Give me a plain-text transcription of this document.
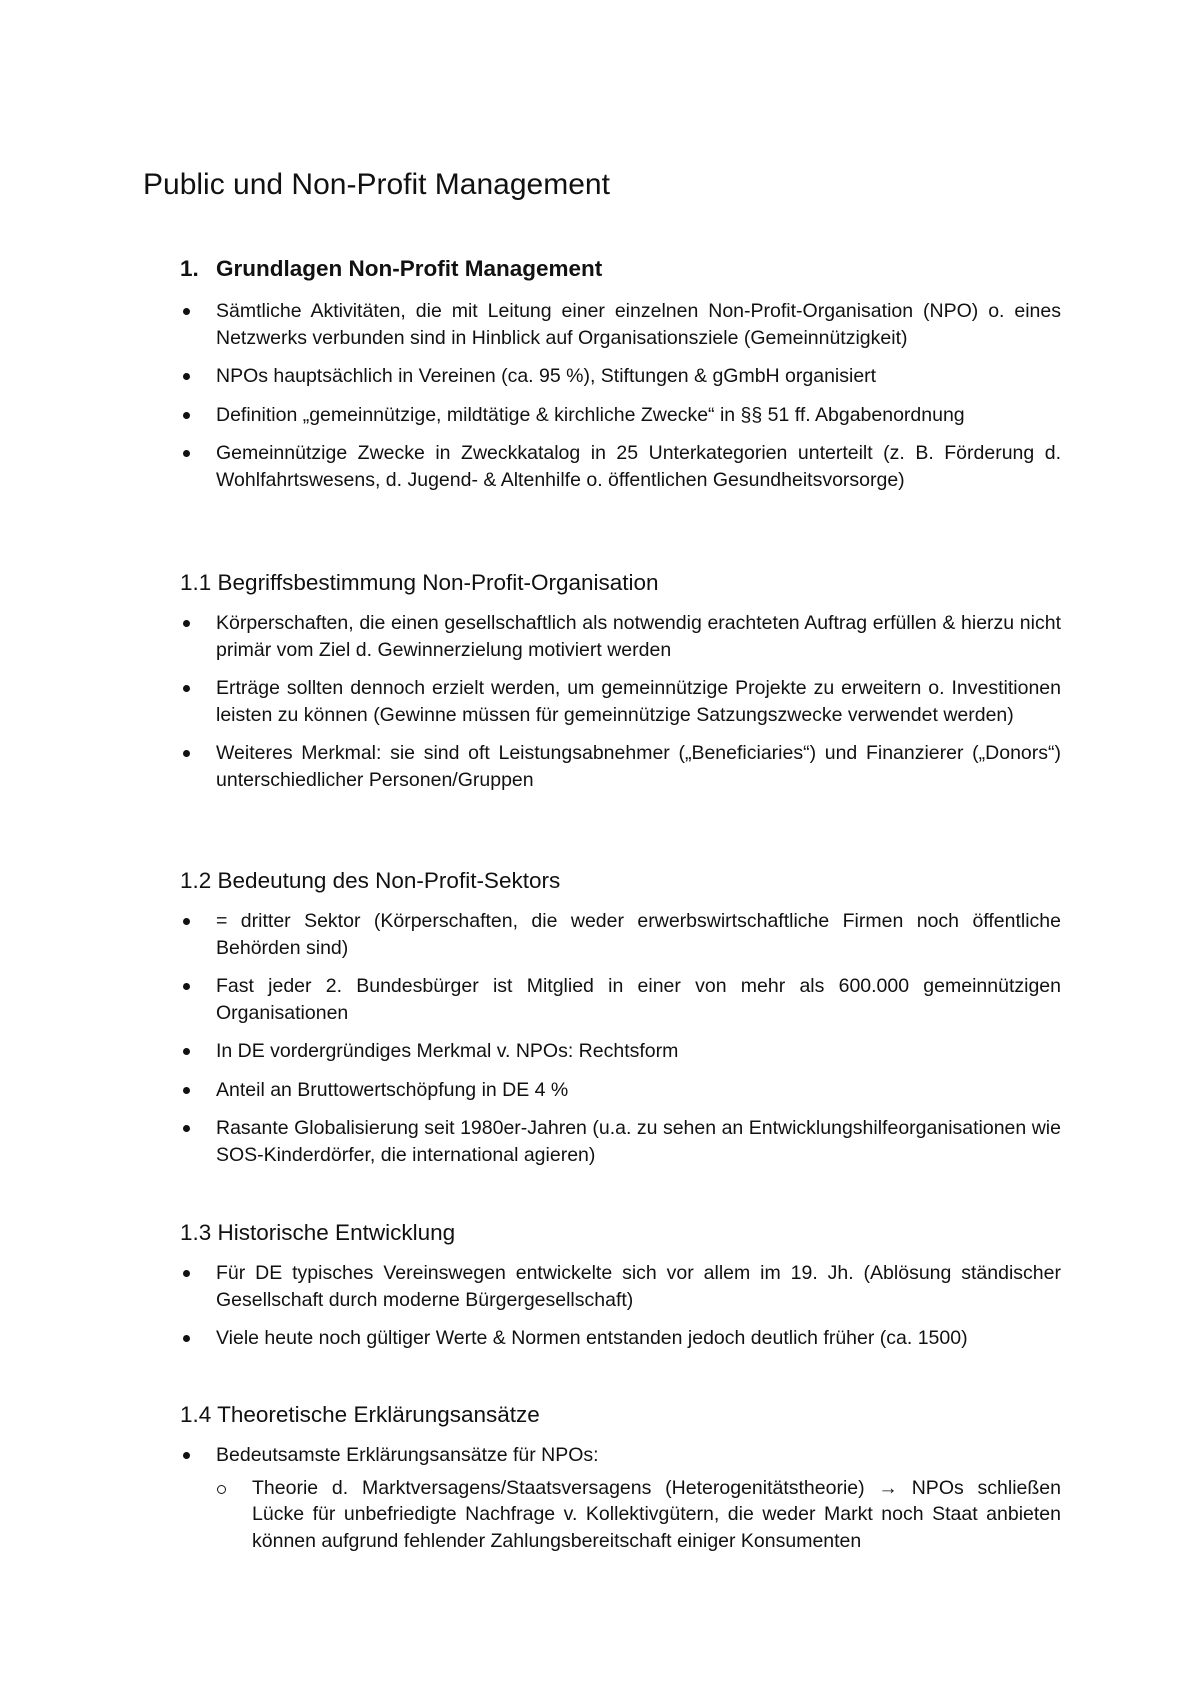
Public und Non-Profit Management
1. Grundlagen Non-Profit Management
Sämtliche Aktivitäten, die mit Leitung einer einzelnen Non-Profit-Organisation (NPO) o. eines Netzwerks verbunden sind in Hinblick auf Organisationsziele (Gemeinnützigkeit)
NPOs hauptsächlich in Vereinen (ca. 95 %), Stiftungen & gGmbH organisiert
Definition „gemeinnützige, mildtätige & kirchliche Zwecke“ in §§ 51 ff. Abgabenordnung
Gemeinnützige Zwecke in Zweckkatalog in 25 Unterkategorien unterteilt (z. B. Förderung d. Wohlfahrtswesens, d. Jugend- & Altenhilfe o. öffentlichen Gesundheitsvorsorge)
1.1 Begriffsbestimmung Non-Profit-Organisation
Körperschaften, die einen gesellschaftlich als notwendig erachteten Auftrag erfüllen & hierzu nicht primär vom Ziel d. Gewinnerzielung motiviert werden
Erträge sollten dennoch erzielt werden, um gemeinnützige Projekte zu erweitern o. Investitionen leisten zu können (Gewinne müssen für gemeinnützige Satzungszwecke verwendet werden)
Weiteres Merkmal: sie sind oft Leistungsabnehmer („Beneficiaries“) und Finanzierer („Donors“) unterschiedlicher Personen/Gruppen
1.2 Bedeutung des Non-Profit-Sektors
= dritter Sektor (Körperschaften, die weder erwerbswirtschaftliche Firmen noch öffentliche Behörden sind)
Fast jeder 2. Bundesbürger ist Mitglied in einer von mehr als 600.000 gemeinnützigen Organisationen
In DE vordergründiges Merkmal v. NPOs: Rechtsform
Anteil an Bruttowertschöpfung in DE 4 %
Rasante Globalisierung seit 1980er-Jahren (u.a. zu sehen an Entwicklungshilfeorganisationen wie SOS-Kinderdörfer, die international agieren)
1.3 Historische Entwicklung
Für DE typisches Vereinswegen entwickelte sich vor allem im 19. Jh. (Ablösung ständischer Gesellschaft durch moderne Bürgergesellschaft)
Viele heute noch gültiger Werte & Normen entstanden jedoch deutlich früher (ca. 1500)
1.4 Theoretische Erklärungsansätze
Bedeutsamste Erklärungsansätze für NPOs:
Theorie d. Marktversagens/Staatsversagens (Heterogenitätstheorie) → NPOs schließen Lücke für unbefriedigte Nachfrage v. Kollektivgütern, die weder Markt noch Staat anbieten können aufgrund fehlender Zahlungsbereitschaft einiger Konsumenten
